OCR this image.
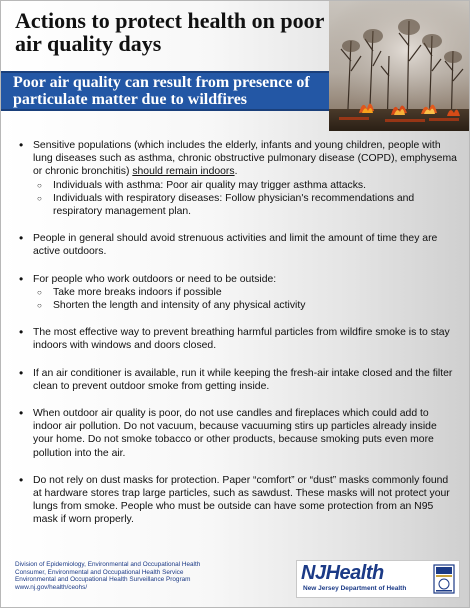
Actions to protect health on poor air quality days
Poor air quality can result from presence of particulate matter due to wildfires
• Sensitive populations (which includes the elderly, infants and young children, people with lung diseases such as asthma, chronic obstructive pulmonary disease (COPD), emphysema or chronic bronchitis) should remain indoors.
○ Individuals with asthma: Poor air quality may trigger asthma attacks.
○ Individuals with respiratory diseases: Follow physician's recommendations and respiratory management plan.
• People in general should avoid strenuous activities and limit the amount of time they are active outdoors.
• For people who work outdoors or need to be outside:
○ Take more breaks indoors if possible
○ Shorten the length and intensity of any physical activity
• The most effective way to prevent breathing harmful particles from wildfire smoke is to stay indoors with windows and doors closed.
• If an air conditioner is available, run it while keeping the fresh-air intake closed and the filter clean to prevent outdoor smoke from getting inside.
• When outdoor air quality is poor, do not use candles and fireplaces which could add to indoor air pollution. Do not vacuum, because vacuuming stirs up particles already inside your home. Do not smoke tobacco or other products, because smoking puts even more pollution into the air.
• Do not rely on dust masks for protection. Paper “comfort” or “dust” masks commonly found at hardware stores trap large particles, such as sawdust. These masks will not protect your lungs from smoke. People who must be outside can have some protection from an N95 mask if worn properly.
Division of Epidemiology, Environmental and Occupational Health
Consumer, Environmental and Occupational Health Service
Environmental and Occupational Health Surveillance Program
www.nj.gov/health/ceohs/
NJHealth
New Jersey Department of Health
